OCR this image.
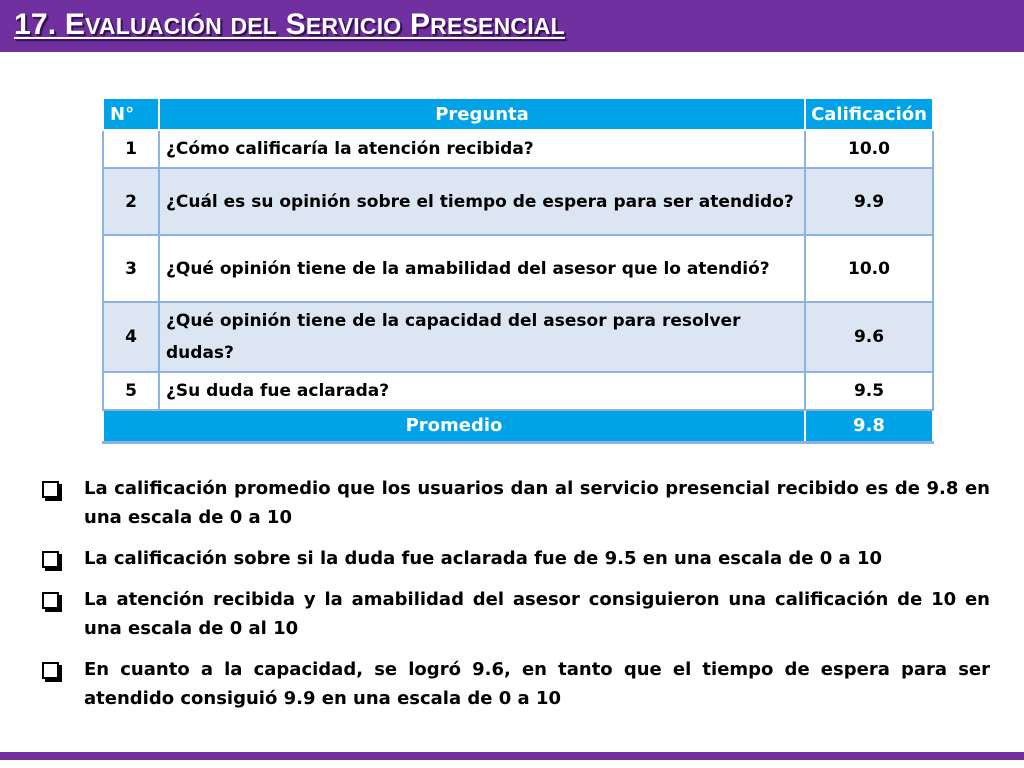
17. EVALUACIÓN DEL SERVICIO PRESENCIAL
N°	Pregunta	Calificación
1	¿Cómo calificaría la atención recibida?	10.0
2	¿Cuál es su opinión sobre el tiempo de espera para ser atendido?	9.9
3	¿Qué opinión tiene de la amabilidad del asesor que lo atendió?	10.0
4	¿Qué opinión tiene de la capacidad del asesor para resolver dudas?	9.6
5	¿Su duda fue aclarada?	9.5
Promedio		9.8
La calificación promedio que los usuarios dan al servicio presencial recibido es de 9.8 en una escala de 0 a 10
La calificación sobre si la duda fue aclarada fue de 9.5 en una escala de 0 a 10
La atención recibida y la amabilidad del asesor consiguieron una calificación de 10 en una escala de 0 al 10
En cuanto a la capacidad, se logró 9.6, en tanto que el tiempo de espera para ser atendido consiguió 9.9 en una escala de 0 a 10
